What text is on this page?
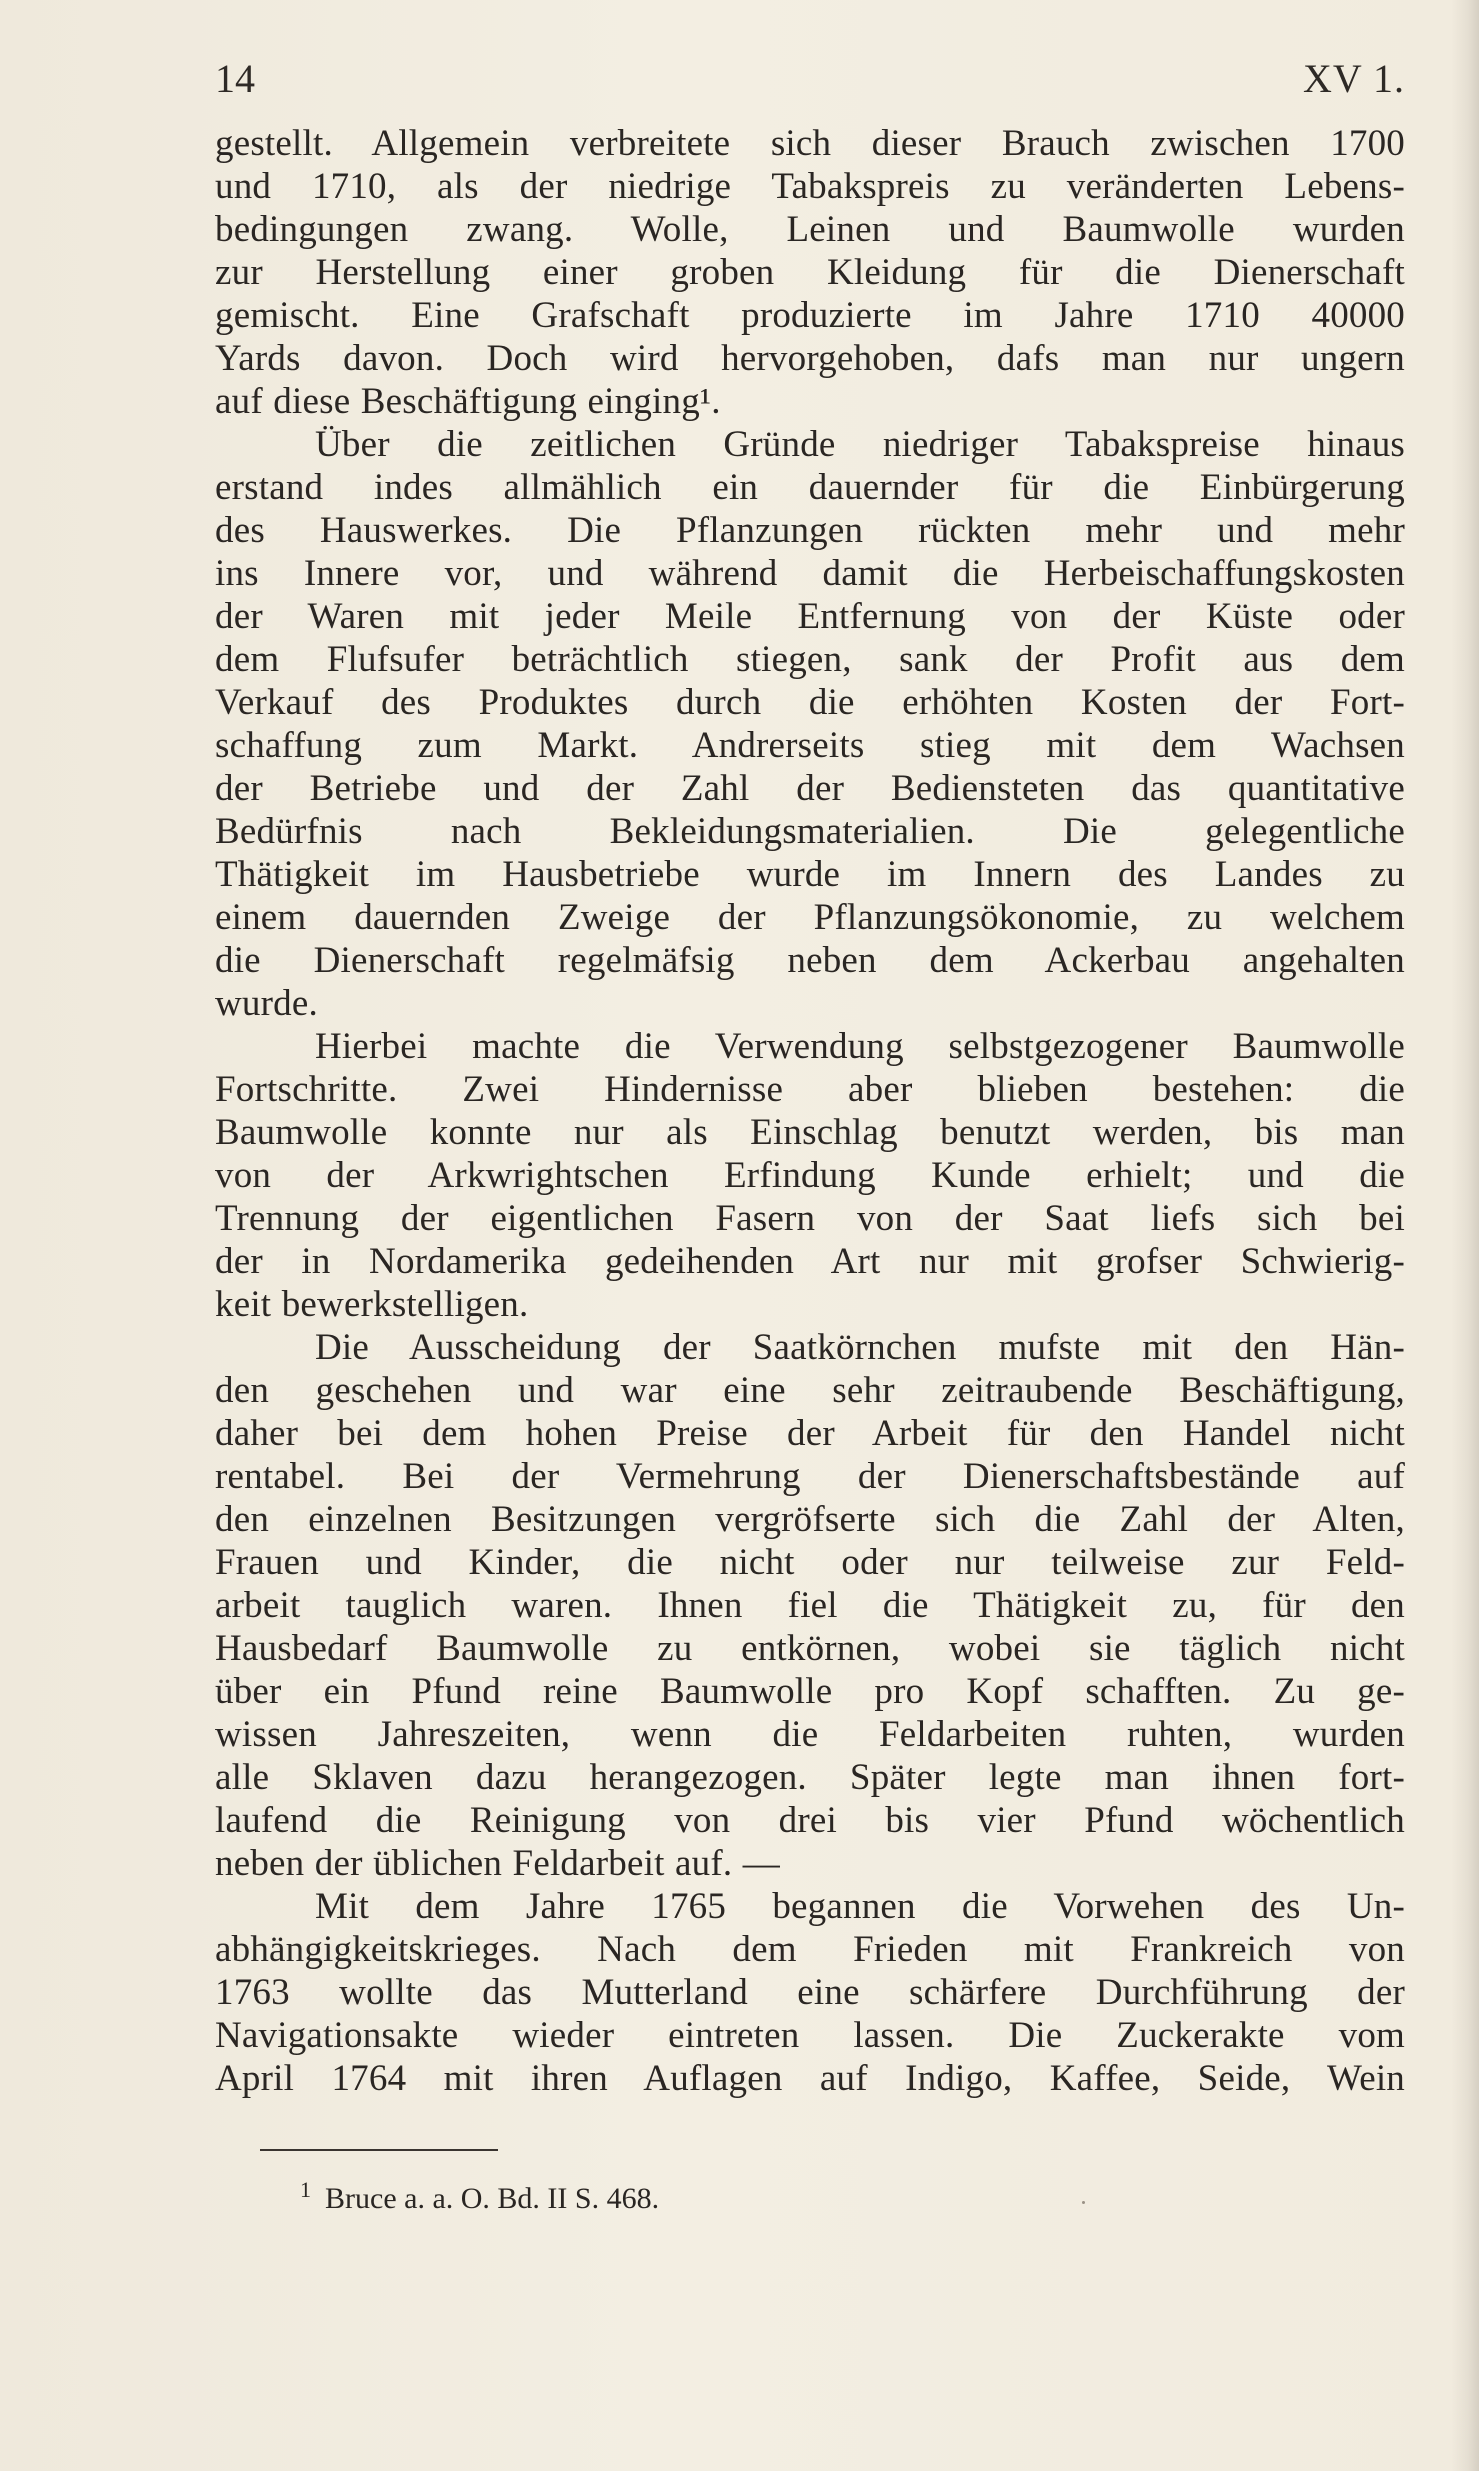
14	XV 1.
gestellt. Allgemein verbreitete sich dieser Brauch zwischen 1700
und 1710, als der niedrige Tabakspreis zu veränderten Lebens-
bedingungen zwang. Wolle, Leinen und Baumwolle wurden
zur Herstellung einer groben Kleidung für die Dienerschaft
gemischt. Eine Grafschaft produzierte im Jahre 1710 40000
Yards davon. Doch wird hervorgehoben, dafs man nur ungern
auf diese Beschäftigung einging¹.
Über die zeitlichen Gründe niedriger Tabakspreise hinaus
erstand indes allmählich ein dauernder für die Einbürgerung
des Hauswerkes. Die Pflanzungen rückten mehr und mehr
ins Innere vor, und während damit die Herbeischaffungskosten
der Waren mit jeder Meile Entfernung von der Küste oder
dem Flufsufer beträchtlich stiegen, sank der Profit aus dem
Verkauf des Produktes durch die erhöhten Kosten der Fort-
schaffung zum Markt. Andrerseits stieg mit dem Wachsen
der Betriebe und der Zahl der Bediensteten das quantitative
Bedürfnis nach Bekleidungsmaterialien. Die gelegentliche
Thätigkeit im Hausbetriebe wurde im Innern des Landes zu
einem dauernden Zweige der Pflanzungsökonomie, zu welchem
die Dienerschaft regelmäfsig neben dem Ackerbau angehalten
wurde.
Hierbei machte die Verwendung selbstgezogener Baumwolle
Fortschritte. Zwei Hindernisse aber blieben bestehen: die
Baumwolle konnte nur als Einschlag benutzt werden, bis man
von der Arkwrightschen Erfindung Kunde erhielt; und die
Trennung der eigentlichen Fasern von der Saat liefs sich bei
der in Nordamerika gedeihenden Art nur mit grofser Schwierig-
keit bewerkstelligen.
Die Ausscheidung der Saatkörnchen mufste mit den Hän-
den geschehen und war eine sehr zeitraubende Beschäftigung,
daher bei dem hohen Preise der Arbeit für den Handel nicht
rentabel. Bei der Vermehrung der Dienerschaftsbestände auf
den einzelnen Besitzungen vergröfserte sich die Zahl der Alten,
Frauen und Kinder, die nicht oder nur teilweise zur Feld-
arbeit tauglich waren. Ihnen fiel die Thätigkeit zu, für den
Hausbedarf Baumwolle zu entkörnen, wobei sie täglich nicht
über ein Pfund reine Baumwolle pro Kopf schafften. Zu ge-
wissen Jahreszeiten, wenn die Feldarbeiten ruhten, wurden
alle Sklaven dazu herangezogen. Später legte man ihnen fort-
laufend die Reinigung von drei bis vier Pfund wöchentlich
neben der üblichen Feldarbeit auf. —
Mit dem Jahre 1765 begannen die Vorwehen des Un-
abhängigkeitskrieges. Nach dem Frieden mit Frankreich von
1763 wollte das Mutterland eine schärfere Durchführung der
Navigationsakte wieder eintreten lassen. Die Zuckerakte vom
April 1764 mit ihren Auflagen auf Indigo, Kaffee, Seide, Wein
$^1$ Bruce a. a. O. Bd. II S. 468.
